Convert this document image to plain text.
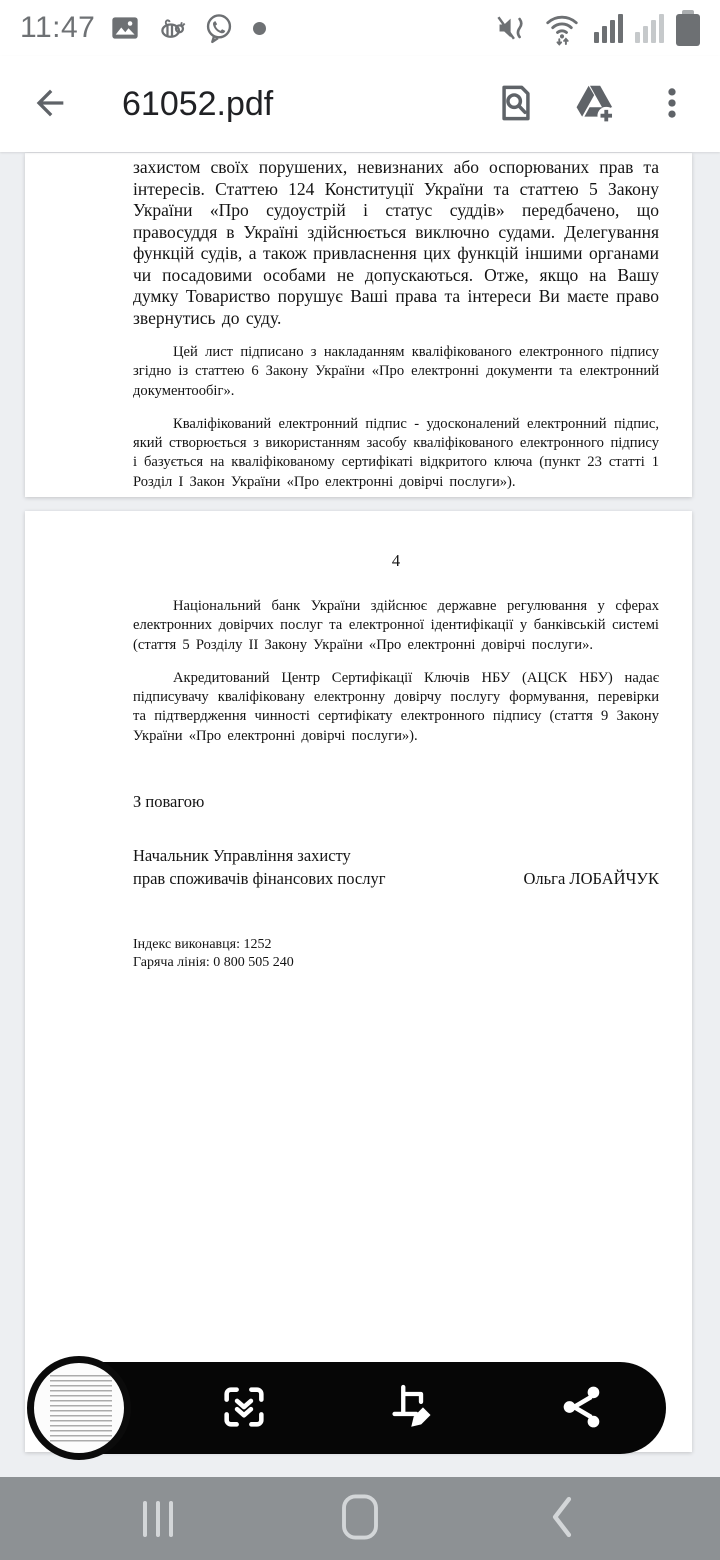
11:47
61052.pdf

захистом своїх порушених, невизнаних або оспорюваних прав та інтересів. Статтею 124 Конституції України та статтею 5 Закону України «Про судоустрій і статус суддів» передбачено, що правосуддя в Україні здійснюється виключно судами. Делегування функцій судів, а також привласнення цих функцій іншими органами чи посадовими особами не допускаються. Отже, якщо на Вашу думку Товариство порушує Ваші права та інтереси Ви маєте право звернутись до суду.

Цей лист підписано з накладанням кваліфікованого електронного підпису згідно із статтею 6 Закону України «Про електронні документи та електронний документообіг».

Кваліфікований електронний підпис - удосконалений електронний підпис, який створюється з використанням засобу кваліфікованого електронного підпису і базується на кваліфікованому сертифікаті відкритого ключа (пункт 23 статті 1 Розділ І Закон України «Про електронні довірчі послуги»).

4

Національний банк України здійснює державне регулювання у сферах електронних довірчих послуг та електронної ідентифікації у банківській системі (стаття 5 Розділу ІІ Закону України «Про електронні довірчі послуги».

Акредитований Центр Сертифікації Ключів НБУ (АЦСК НБУ) надає підписувачу кваліфіковану електронну довірчу послугу формування, перевірки та підтвердження чинності сертифікату електронного підпису (стаття 9 Закону України «Про електронні довірчі послуги»).

З повагою

Начальник Управління захисту
прав споживачів фінансових послуг	Ольга ЛОБАЙЧУК
Індекс виконавця: 1252
Гаряча лінія: 0 800 505 240
